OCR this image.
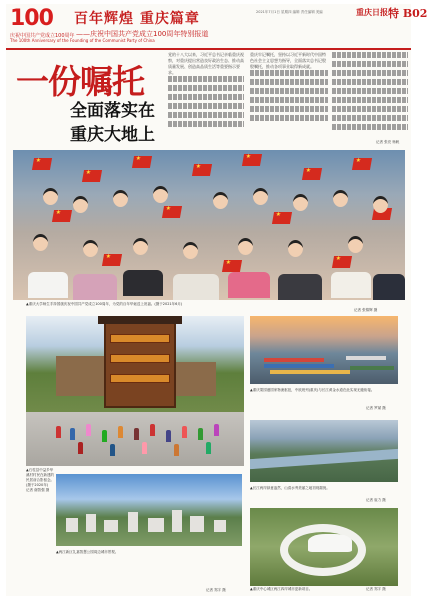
100
庆祝中国共产党成立100周年
The 100th Anniversary of the Founding of the Communist Party of China
百年辉煌 重庆篇章
——庆祝中国共产党成立100周年特别报道
2021年7月1日 星期四 编辑 责任编辑 美编	重庆日报 特 B02
一份嘱托
全面落实在
重庆大地上

党的十八大以来，习近平总书记亲临重庆视察，对重庆提出营造良好政治生态、推动高质量发展、创造高品质生活等重要指示要求。

重庆牢记嘱托，坚持以习近平新时代中国特色社会主义思想为指导，全面落实总书记殷殷嘱托，推动各项事业取得新成就。

记者 张亮 杨帆
★
★
★
★
★
★
★
★
★
★
★
★
★
★
▲重庆大学师生手持国旗庆祝中国共产党成立100周年，为党的百年华诞送上祝福。(摄于2021年6月)
记者 张锦辉 摄

▲石柱县中益乡华溪村村民在新建的民居前合影留念。(摄于2020年)

记者 谢智强 摄

▲两江新区礼嘉智慧公园周边城市景观。
记者 郑宇 摄
▲重庆果园港国家物流枢纽，中欧班列(重庆)与长江黄金水道在此实现无缝衔接。
记者 罗斌 摄
▲长江两岸绿意盎然，山清水秀美丽之地初现端倪。
记者 崔力 摄
▲重庆中心城区两江四岸城市更新项目。	记者 郑宇 摄
